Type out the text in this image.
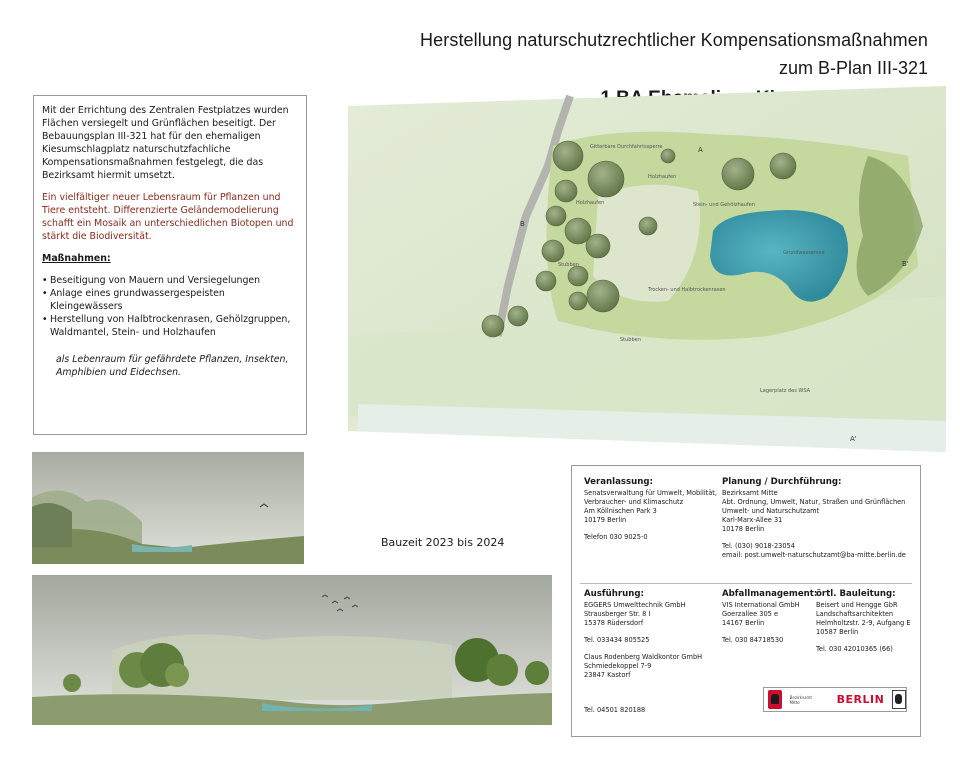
Herstellung naturschutzrechtlicher Kompensationsmaßnahmen
zum B-Plan III-321

Mit der Errichtung des Zentralen Festplatzes wurden Flächen versiegelt und Grünflächen beseitigt. Der Bebauungsplan III-321 hat für den ehemaligen Kiesumschlagplatz naturschutzfachliche Kompensationsmaßnahmen festgelegt, die das Bezirksamt hiermit umsetzt.

Ein vielfältiger neuer Lebensraum für Pflanzen und Tiere entsteht. Differenzierte Geländemodelierung schafft ein Mosaik an unterschiedlichen Biotopen und stärkt die Biodiversität.

Maßnahmen:
• Beseitigung von Mauern und Versiegelungen
• Anlage eines grundwassergespeisten Kleingewässers
• Herstellung von Halbtrockenrasen, Gehölzgruppen, Waldmantel, Stein- und Holzhaufen
als Lebenraum für gefährdete Pflanzen, Insekten, Amphibien und Eidechsen.
Gitterbare Durchfahrtssperre
Holzhaufen
Holzhaufen	Stein- und Gehölzhaufen
Grundwassersee
Trocken- und Halbtrockenrasen
Stubben
Stubben
Lagerplatz des WSA
A
A'
B
B'
Bauzeit 2023 bis 2024
Veranlassung:
Senatsverwaltung für Umwelt, Mobilität,
Verbraucher- und Klimaschutz
Am Köllnischen Park 3
10179 Berlin
Telefon 030 9025-0
Planung / Durchführung:
Bezirksamt Mitte
Abt. Ordnung, Umwelt, Natur, Straßen und Grünflächen
Umwelt- und Naturschutzamt
Karl-Marx-Allee 31
10178 Berlin
Tel. (030) 9018-23054
email: post.umwelt-naturschutzamt@ba-mitte.berlin.de
Ausführung:
EGGERS Umwelttechnik GmbH
Strausberger Str. 8 I
15378 Rüdersdorf
Tel. 033434 805525
Claus Rodenberg Waldkontor GmbH
Schmiedekoppel 7-9
23847 Kastorf
Tel. 04501 820188
Abfallmanagement:
VIS International GmbH
Goerzallee 305 e
14167 Berlin
Tel. 030 84718530
örtl. Bauleitung:
Beisert und Hengge GbR
Landschaftsarchitekten
Helmholtzstr. 2-9, Aufgang E
10587 Berlin
Tel. 030 42010365 (66)
Bezirksamt Mitte	BERLIN
